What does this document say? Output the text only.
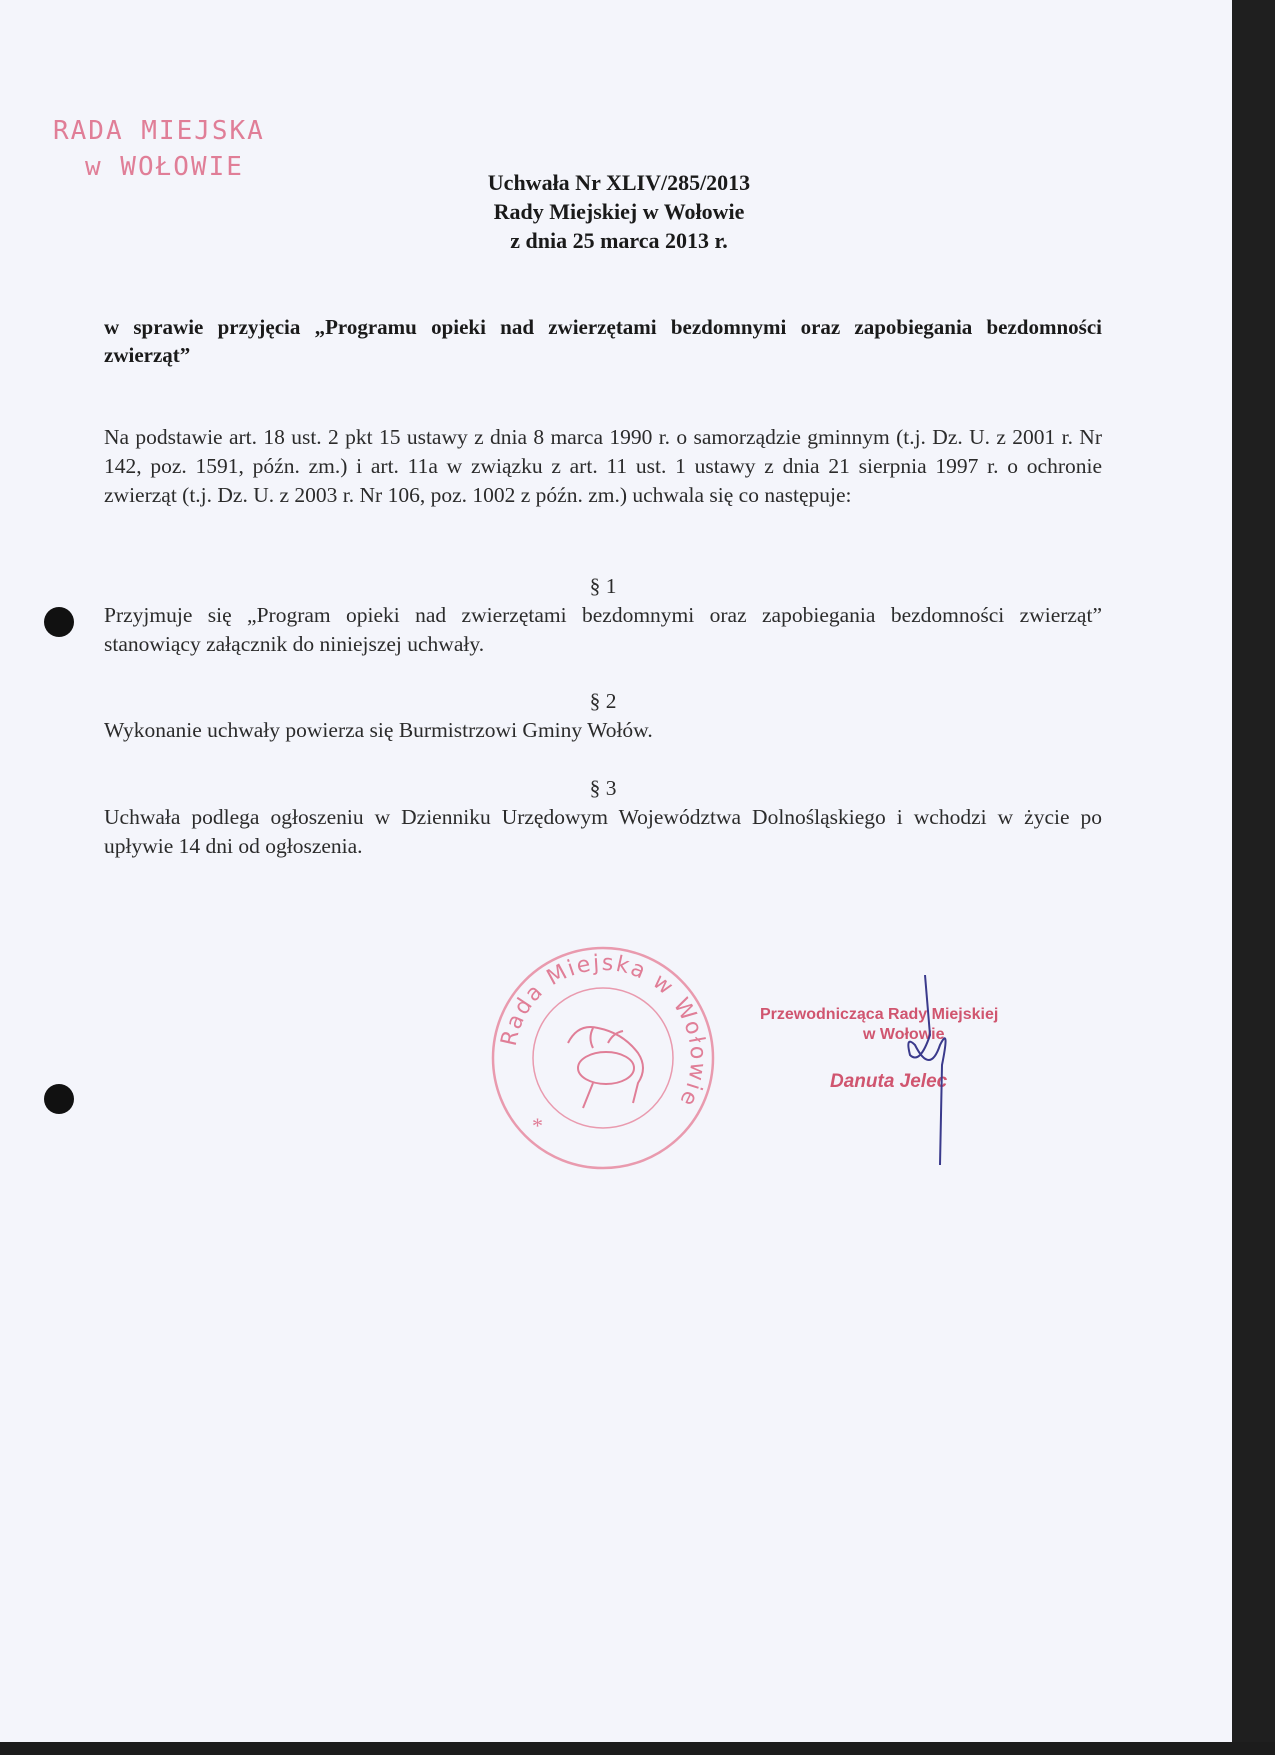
RADA MIEJSKA
w WOŁOWIE
Uchwała Nr XLIV/285/2013
Rady Miejskiej w Wołowie
z dnia 25 marca 2013 r.
w sprawie przyjęcia „Programu opieki nad zwierzętami bezdomnymi oraz zapobiegania bezdomności zwierząt”
Na podstawie art. 18 ust. 2 pkt 15 ustawy z dnia 8 marca 1990 r. o samorządzie gminnym (t.j. Dz. U. z 2001 r. Nr 142, poz. 1591, późn. zm.) i art. 11a w związku z art. 11 ust. 1 ustawy z dnia 21 sierpnia 1997 r. o ochronie zwierząt (t.j. Dz. U. z 2003 r. Nr 106, poz. 1002 z późn. zm.) uchwala się co następuje:
§ 1
Przyjmuje się „Program opieki nad zwierzętami bezdomnymi oraz zapobiegania bezdomności zwierząt” stanowiący załącznik do niniejszej uchwały.
§ 2
Wykonanie uchwały powierza się Burmistrzowi Gminy Wołów.
§ 3
Uchwała podlega ogłoszeniu w Dzienniku Urzędowym Województwa Dolnośląskiego i wchodzi w życie po upływie 14 dni od ogłoszenia.
Rada Miejska w Wołowie
*
Przewodnicząca Rady Miejskiej
w Wołowie
Danuta Jelec
